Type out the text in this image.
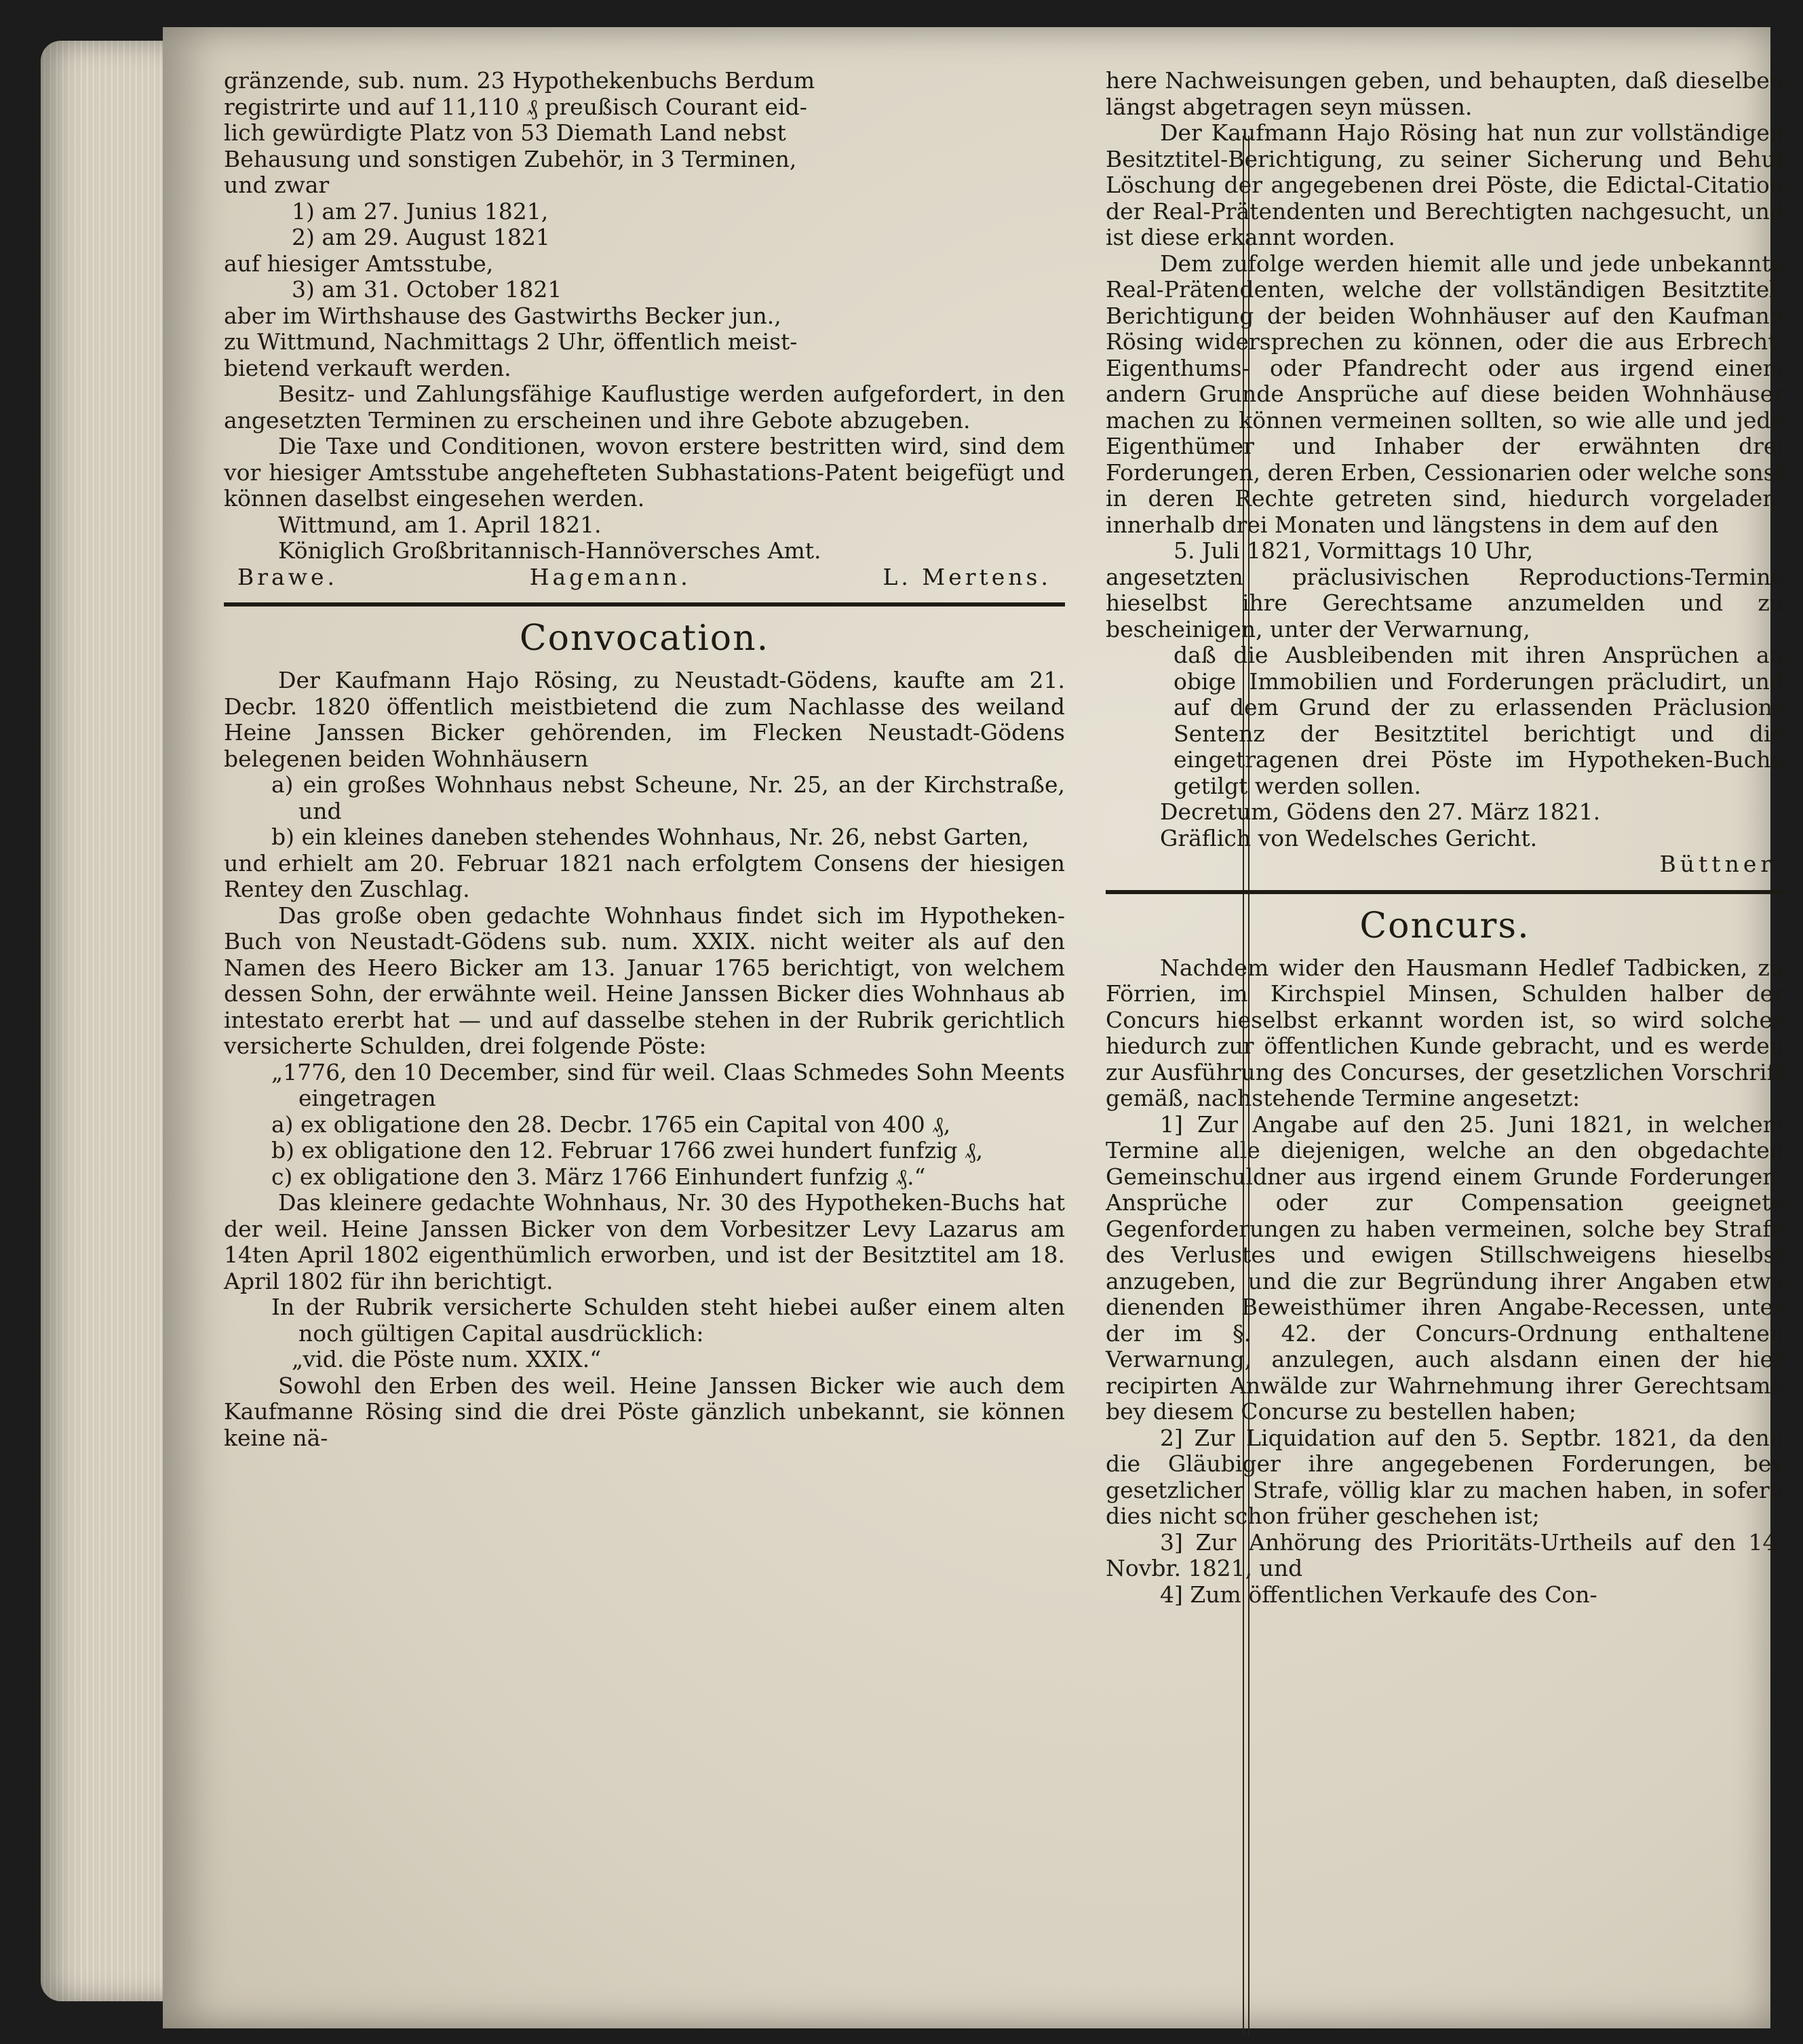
gränzende, sub. num. 23 Hypothekenbuchs Berdum

registrirte und auf 11,110 ₰ preußisch Courant eid-

lich gewürdigte Platz von 53 Diemath Land nebst

Behausung und sonstigen Zubehör, in 3 Terminen,

und zwar

1) am 27. Junius 1821,

2) am 29. August 1821

auf hiesiger Amtsstube,

3) am 31. October 1821

aber im Wirthshause des Gastwirths Becker jun.,

zu Wittmund, Nachmittags 2 Uhr, öffentlich meist-

bietend verkauft werden.

Besitz- und Zahlungsfähige Kauflustige werden aufgefordert, in den angesetzten Terminen zu erscheinen und ihre Gebote abzugeben.

Die Taxe und Conditionen, wovon erstere bestritten wird, sind dem vor hiesiger Amtsstube angehefteten Subhastations-Patent beigefügt und können daselbst eingesehen werden.

Wittmund, am 1. April 1821.

Königlich Großbritannisch-Hannöversches Amt.

Brawe.	Hagemann.	L. Mertens.
Convocation.

Der Kaufmann Hajo Rösing, zu Neustadt-Gödens, kaufte am 21. Decbr. 1820 öffentlich meistbietend die zum Nachlasse des weiland Heine Janssen Bicker gehörenden, im Flecken Neustadt-Gödens belegenen beiden Wohnhäusern

a) ein großes Wohnhaus nebst Scheune, Nr. 25, an der Kirchstraße, und

b) ein kleines daneben stehendes Wohnhaus, Nr. 26, nebst Garten,

und erhielt am 20. Februar 1821 nach erfolgtem Consens der hiesigen Rentey den Zuschlag.

Das große oben gedachte Wohnhaus findet sich im Hypotheken-Buch von Neustadt-Gödens sub. num. XXIX. nicht weiter als auf den Namen des Heero Bicker am 13. Januar 1765 berichtigt, von welchem dessen Sohn, der erwähnte weil. Heine Janssen Bicker dies Wohnhaus ab intestato ererbt hat — und auf dasselbe stehen in der Rubrik gerichtlich versicherte Schulden, drei folgende Pöste:

„1776, den 10 December, sind für weil. Claas Schmedes Sohn Meents eingetragen

a) ex obligatione den 28. Decbr. 1765 ein Capital von 400 ₰,

b) ex obligatione den 12. Februar 1766 zwei hundert funfzig ₰,

c) ex obligatione den 3. März 1766 Einhundert funfzig ₰.“

Das kleinere gedachte Wohnhaus, Nr. 30 des Hypotheken-Buchs hat der weil. Heine Janssen Bicker von dem Vorbesitzer Levy Lazarus am 14ten April 1802 eigenthümlich erworben, und ist der Besitztitel am 18. April 1802 für ihn berichtigt.

In der Rubrik versicherte Schulden steht hiebei außer einem alten noch gültigen Capital ausdrücklich:

„vid. die Pöste num. XXIX.“

Sowohl den Erben des weil. Heine Janssen Bicker wie auch dem Kaufmanne Rösing sind die drei Pöste gänzlich unbekannt, sie können keine nä-

here Nachweisungen geben, und behaupten, daß dieselben längst abgetragen seyn müssen.

Der Kaufmann Hajo Rösing hat nun zur vollständigen Besitztitel-Berichtigung, zu seiner Sicherung und Behuf Löschung der angegebenen drei Pöste, die Edictal-Citation der Real-Prätendenten und Berechtigten nachgesucht, und ist diese erkannt worden.

Dem zufolge werden hiemit alle und jede unbekannte Real-Prätendenten, welche der vollständigen Besitztitel-Berichtigung der beiden Wohnhäuser auf den Kaufmann Rösing widersprechen zu können, oder die aus Erbrecht, Eigenthums- oder Pfandrecht oder aus irgend einem andern Grunde Ansprüche auf diese beiden Wohnhäuser machen zu können vermeinen sollten, so wie alle und jede Eigenthümer und Inhaber der erwähnten drei Forderungen, deren Erben, Cessionarien oder welche sonst in deren Rechte getreten sind, hiedurch vorgeladen, innerhalb drei Monaten und längstens in dem auf den

5. Juli 1821, Vormittags 10 Uhr,

angesetzten präclusivischen Reproductions-Termine hieselbst ihre Gerechtsame anzumelden und zu bescheinigen, unter der Verwarnung,

daß die Ausbleibenden mit ihren Ansprüchen an obige Immobilien und Forderungen präcludirt, und auf dem Grund der zu erlassenden Präclusions Sentenz der Besitztitel berichtigt und die eingetragenen drei Pöste im Hypotheken-Buche getilgt werden sollen.

Decretum, Gödens den 27. März 1821.

Gräflich von Wedelsches Gericht.

Büttner.

Concurs.

Nachdem wider den Hausmann Hedlef Tadbicken, zu Förrien, im Kirchspiel Minsen, Schulden halber der Concurs hieselbst erkannt worden ist, so wird solches hiedurch zur öffentlichen Kunde gebracht, und es werden zur Ausführung des Concurses, der gesetzlichen Vorschrift gemäß, nachstehende Termine angesetzt:

1] Zur Angabe auf den 25. Juni 1821, in welchem Termine alle diejenigen, welche an den obgedachten Gemeinschuldner aus irgend einem Grunde Forderungen, Ansprüche oder zur Compensation geeignete Gegenforderungen zu haben vermeinen, solche bey Strafe des Verlustes und ewigen Stillschweigens hieselbst anzugeben, und die zur Begründung ihrer Angaben etwa dienenden Beweisthümer ihren Angabe-Recessen, unter der im §. 42. der Concurs-Ordnung enthaltenen Verwarnung, anzulegen, auch alsdann einen der hier recipirten Anwälde zur Wahrnehmung ihrer Gerechtsame bey diesem Concurse zu bestellen haben;

2] Zur Liquidation auf den 5. Septbr. 1821, da denn die Gläubiger ihre angegebenen Forderungen, bey gesetzlicher Strafe, völlig klar zu machen haben, in sofern dies nicht schon früher geschehen ist;

3] Zur Anhörung des Prioritäts-Urtheils auf den 14. Novbr. 1821, und

4] Zum öffentlichen Verkaufe des Con-
